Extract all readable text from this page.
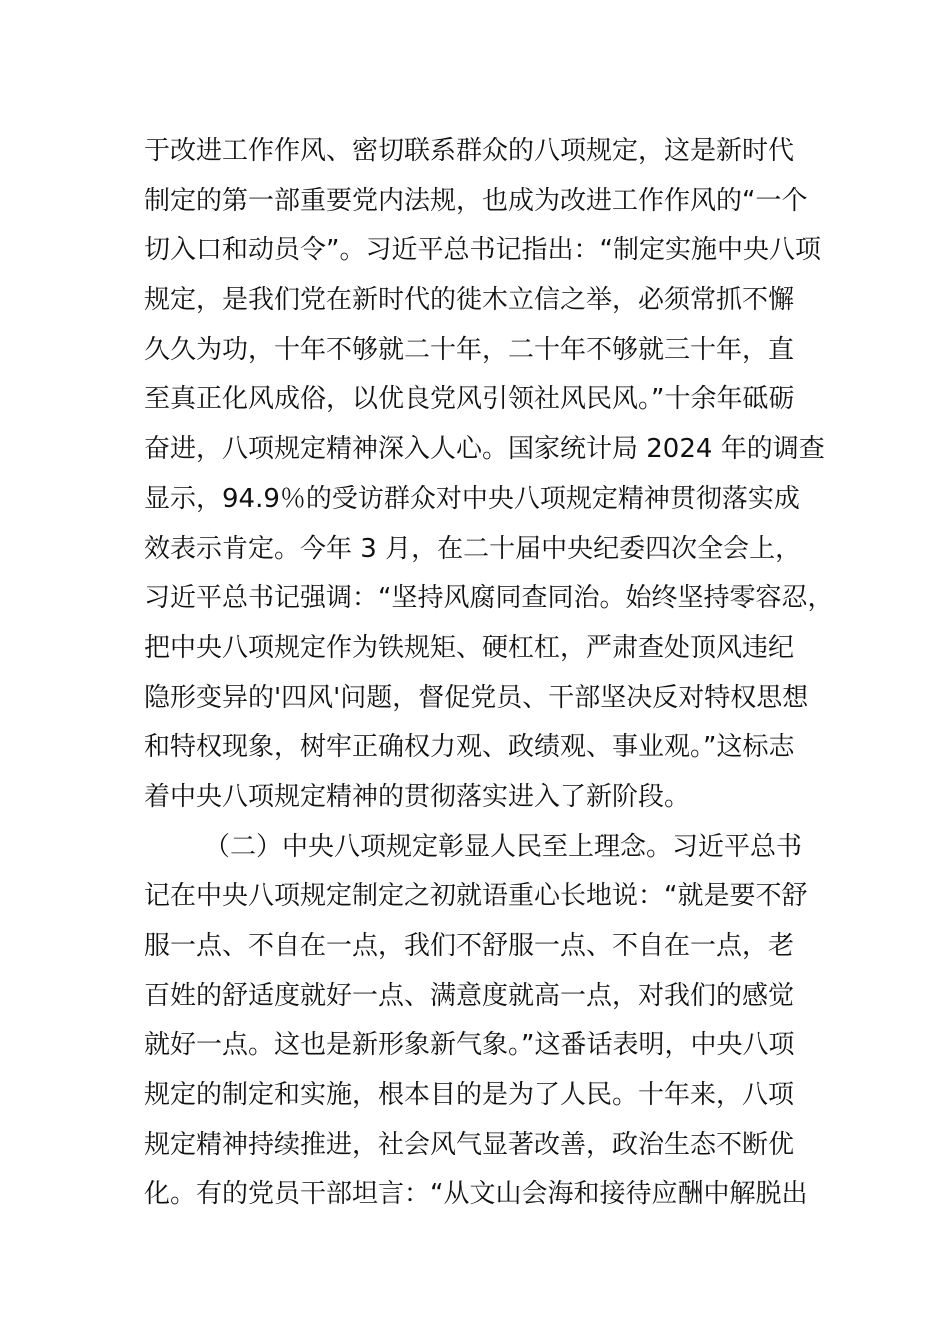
于改进工作作风、密切联系群众的八项规定，这是新时代
制定的第一部重要党内法规，也成为改进工作作风的“一个
切入口和动员令”。习近平总书记指出：“制定实施中央八项
规定，是我们党在新时代的徙木立信之举，必须常抓不懈
久久为功，十年不够就二十年，二十年不够就三十年，直
至真正化风成俗，以优良党风引领社风民风。”十余年砥砺
奋进，八项规定精神深入人心。国家统计局 2024 年的调查
显示，94.9％的受访群众对中央八项规定精神贯彻落实成
效表示肯定。今年 3 月，在二十届中央纪委四次全会上，
习近平总书记强调：“坚持风腐同查同治。始终坚持零容忍，
把中央八项规定作为铁规矩、硬杠杠，严肃查处顶风违纪
隐形变异的'四风'问题，督促党员、干部坚决反对特权思想
和特权现象，树牢正确权力观、政绩观、事业观。”这标志
着中央八项规定精神的贯彻落实进入了新阶段。
（二）中央八项规定彰显人民至上理念。习近平总书
记在中央八项规定制定之初就语重心长地说：“就是要不舒
服一点、不自在一点，我们不舒服一点、不自在一点，老
百姓的舒适度就好一点、满意度就高一点，对我们的感觉
就好一点。这也是新形象新气象。”这番话表明，中央八项
规定的制定和实施，根本目的是为了人民。十年来，八项
规定精神持续推进，社会风气显著改善，政治生态不断优
化。有的党员干部坦言：“从文山会海和接待应酬中解脱出
